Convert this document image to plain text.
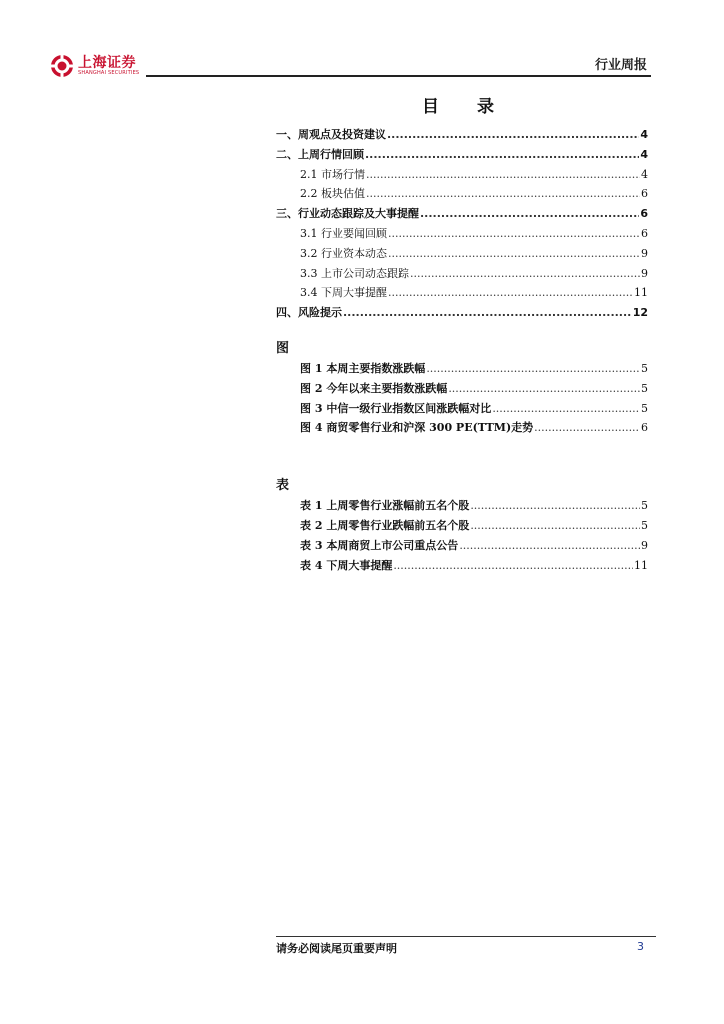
上海证券
SHANGHAI SECURITIES	行业周报
目 录
一、周观点及投资建议 .....	4
二、上周行情回顾 .....	4
2.1 市场行情 .....	4
2.2 板块估值 .....	6
三、行业动态跟踪及大事提醒 .....	6
3.1 行业要闻回顾 .....	6
3.2 行业资本动态 .....	9
3.3 上市公司动态跟踪 .....	9
3.4 下周大事提醒 .....	11
四、风险提示 .....	12
图
图 1 本周主要指数涨跌幅 .....	5
图 2 今年以来主要指数涨跌幅 .....	5
图 3 中信一级行业指数区间涨跌幅对比 .....	5
图 4 商贸零售行业和沪深 300 PE(TTM)走势 .....	6
表
表 1 上周零售行业涨幅前五名个股 .....	5
表 2 上周零售行业跌幅前五名个股 .....	5
表 3 本周商贸上市公司重点公告 .....	9
表 4 下周大事提醒 .....	11
请务必阅读尾页重要声明	3
